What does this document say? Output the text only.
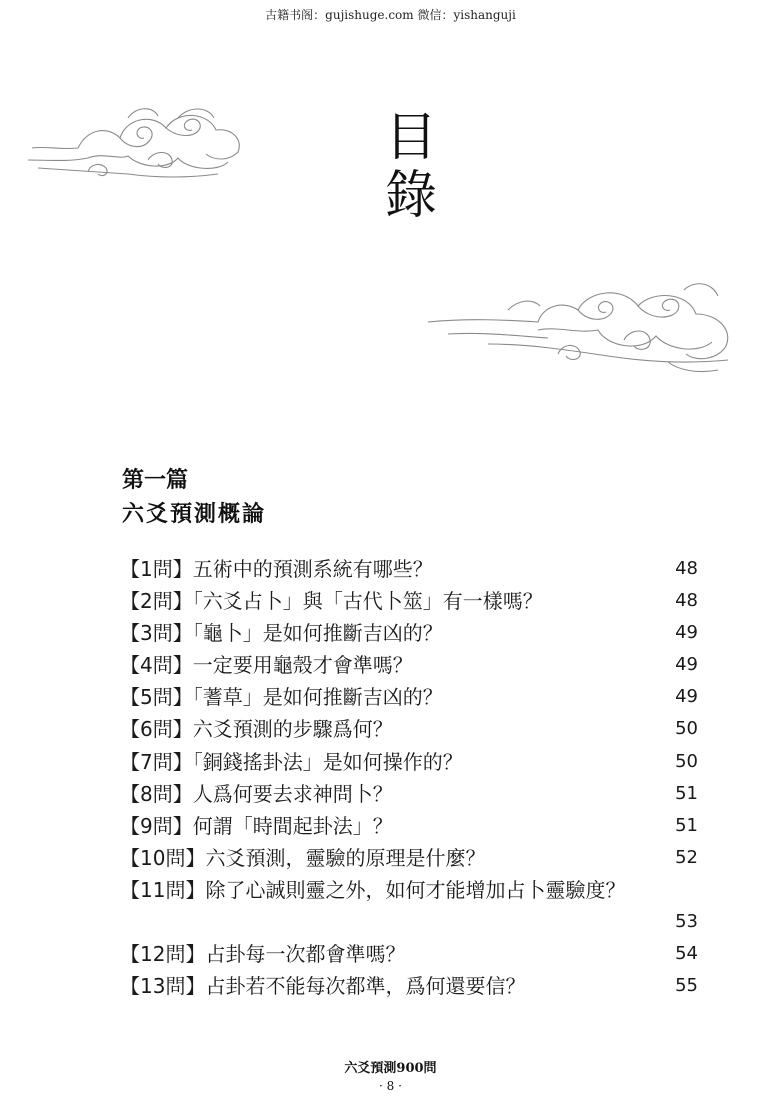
古籍书阁：gujishuge.com 微信：yishanguji
目
錄
第一篇
六爻預測概論
【1問】五術中的預測系統有哪些？	48
【2問】「六爻占卜」與「古代卜筮」有一樣嗎？	48
【3問】「龜卜」是如何推斷吉凶的？	49
【4問】一定要用龜殼才會準嗎？	49
【5問】「蓍草」是如何推斷吉凶的？	49
【6問】六爻預測的步驟爲何？	50
【7問】「銅錢搖卦法」是如何操作的？	50
【8問】人爲何要去求神問卜？	51
【9問】何謂「時間起卦法」？	51
【10問】六爻預測，靈驗的原理是什麼？	52
【11問】除了心誠則靈之外，如何才能增加占卜靈驗度？
53
【12問】占卦每一次都會準嗎？	54
【13問】占卦若不能每次都準，爲何還要信？	55
六爻預測900問
· 8 ·
